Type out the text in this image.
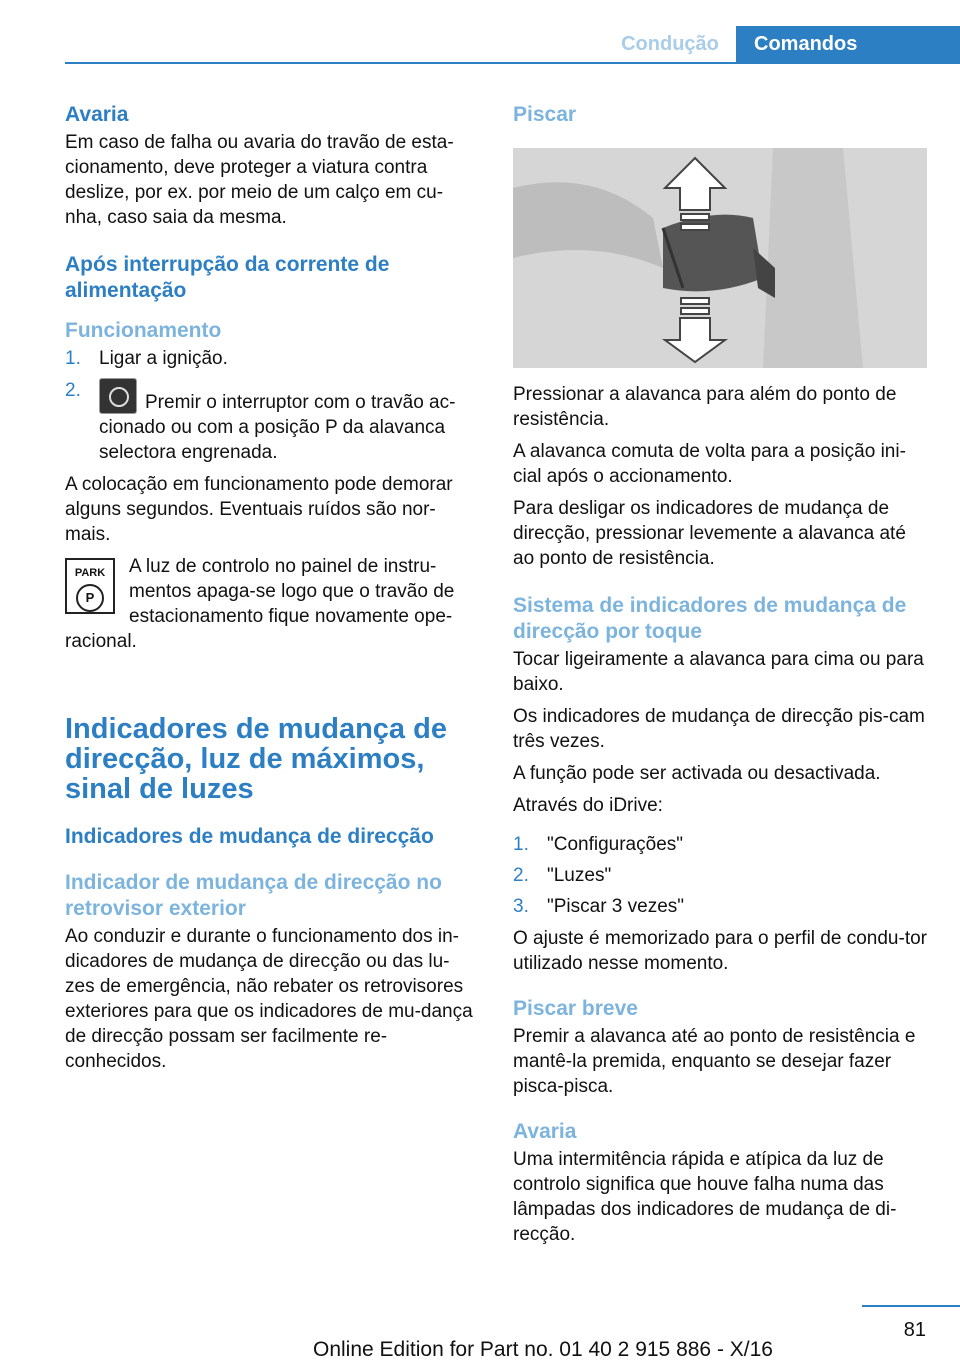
Condução	Comandos
Avaria

Em caso de falha ou avaria do travão de esta-cionamento, deve proteger a viatura contra deslize, por ex. por meio de um calço em cu-nha, caso saia da mesma.

Após interrupção da corrente de alimentação
Funcionamento
1. Ligar a ignição.
2.
Premir o interruptor com o travão ac-cionado ou com a posição P da alavanca selectora engrenada.

A colocação em funcionamento pode demorar alguns segundos. Eventuais ruídos são nor-mais.

PARK
P

A luz de controlo no painel de instru-mentos apaga-se logo que o travão de estacionamento fique novamente ope-racional.

Indicadores de mudança de direcção, luz de máximos, sinal de luzes
Indicadores de mudança de direcção
Indicador de mudança de direcção no retrovisor exterior

Ao conduzir e durante o funcionamento dos in-dicadores de mudança de direcção ou das lu-zes de emergência, não rebater os retrovisores exteriores para que os indicadores de mu-dança de direcção possam ser facilmente re-conhecidos.

Piscar

Pressionar a alavanca para além do ponto de resistência.

A alavanca comuta de volta para a posição ini-cial após o accionamento.

Para desligar os indicadores de mudança de direcção, pressionar levemente a alavanca até ao ponto de resistência.

Sistema de indicadores de mudança de direcção por toque

Tocar ligeiramente a alavanca para cima ou para baixo.

Os indicadores de mudança de direcção pis-cam três vezes.

A função pode ser activada ou desactivada.

Através do iDrive:

1. "Configurações"
2. "Luzes"
3. "Piscar 3 vezes"

O ajuste é memorizado para o perfil de condu-tor utilizado nesse momento.

Piscar breve

Premir a alavanca até ao ponto de resistência e mantê-la premida, enquanto se desejar fazer pisca-pisca.

Avaria

Uma intermitência rápida e atípica da luz de controlo significa que houve falha numa das lâmpadas dos indicadores de mudança de di-recção.

81
Online Edition for Part no. 01 40 2 915 886 - X/16
